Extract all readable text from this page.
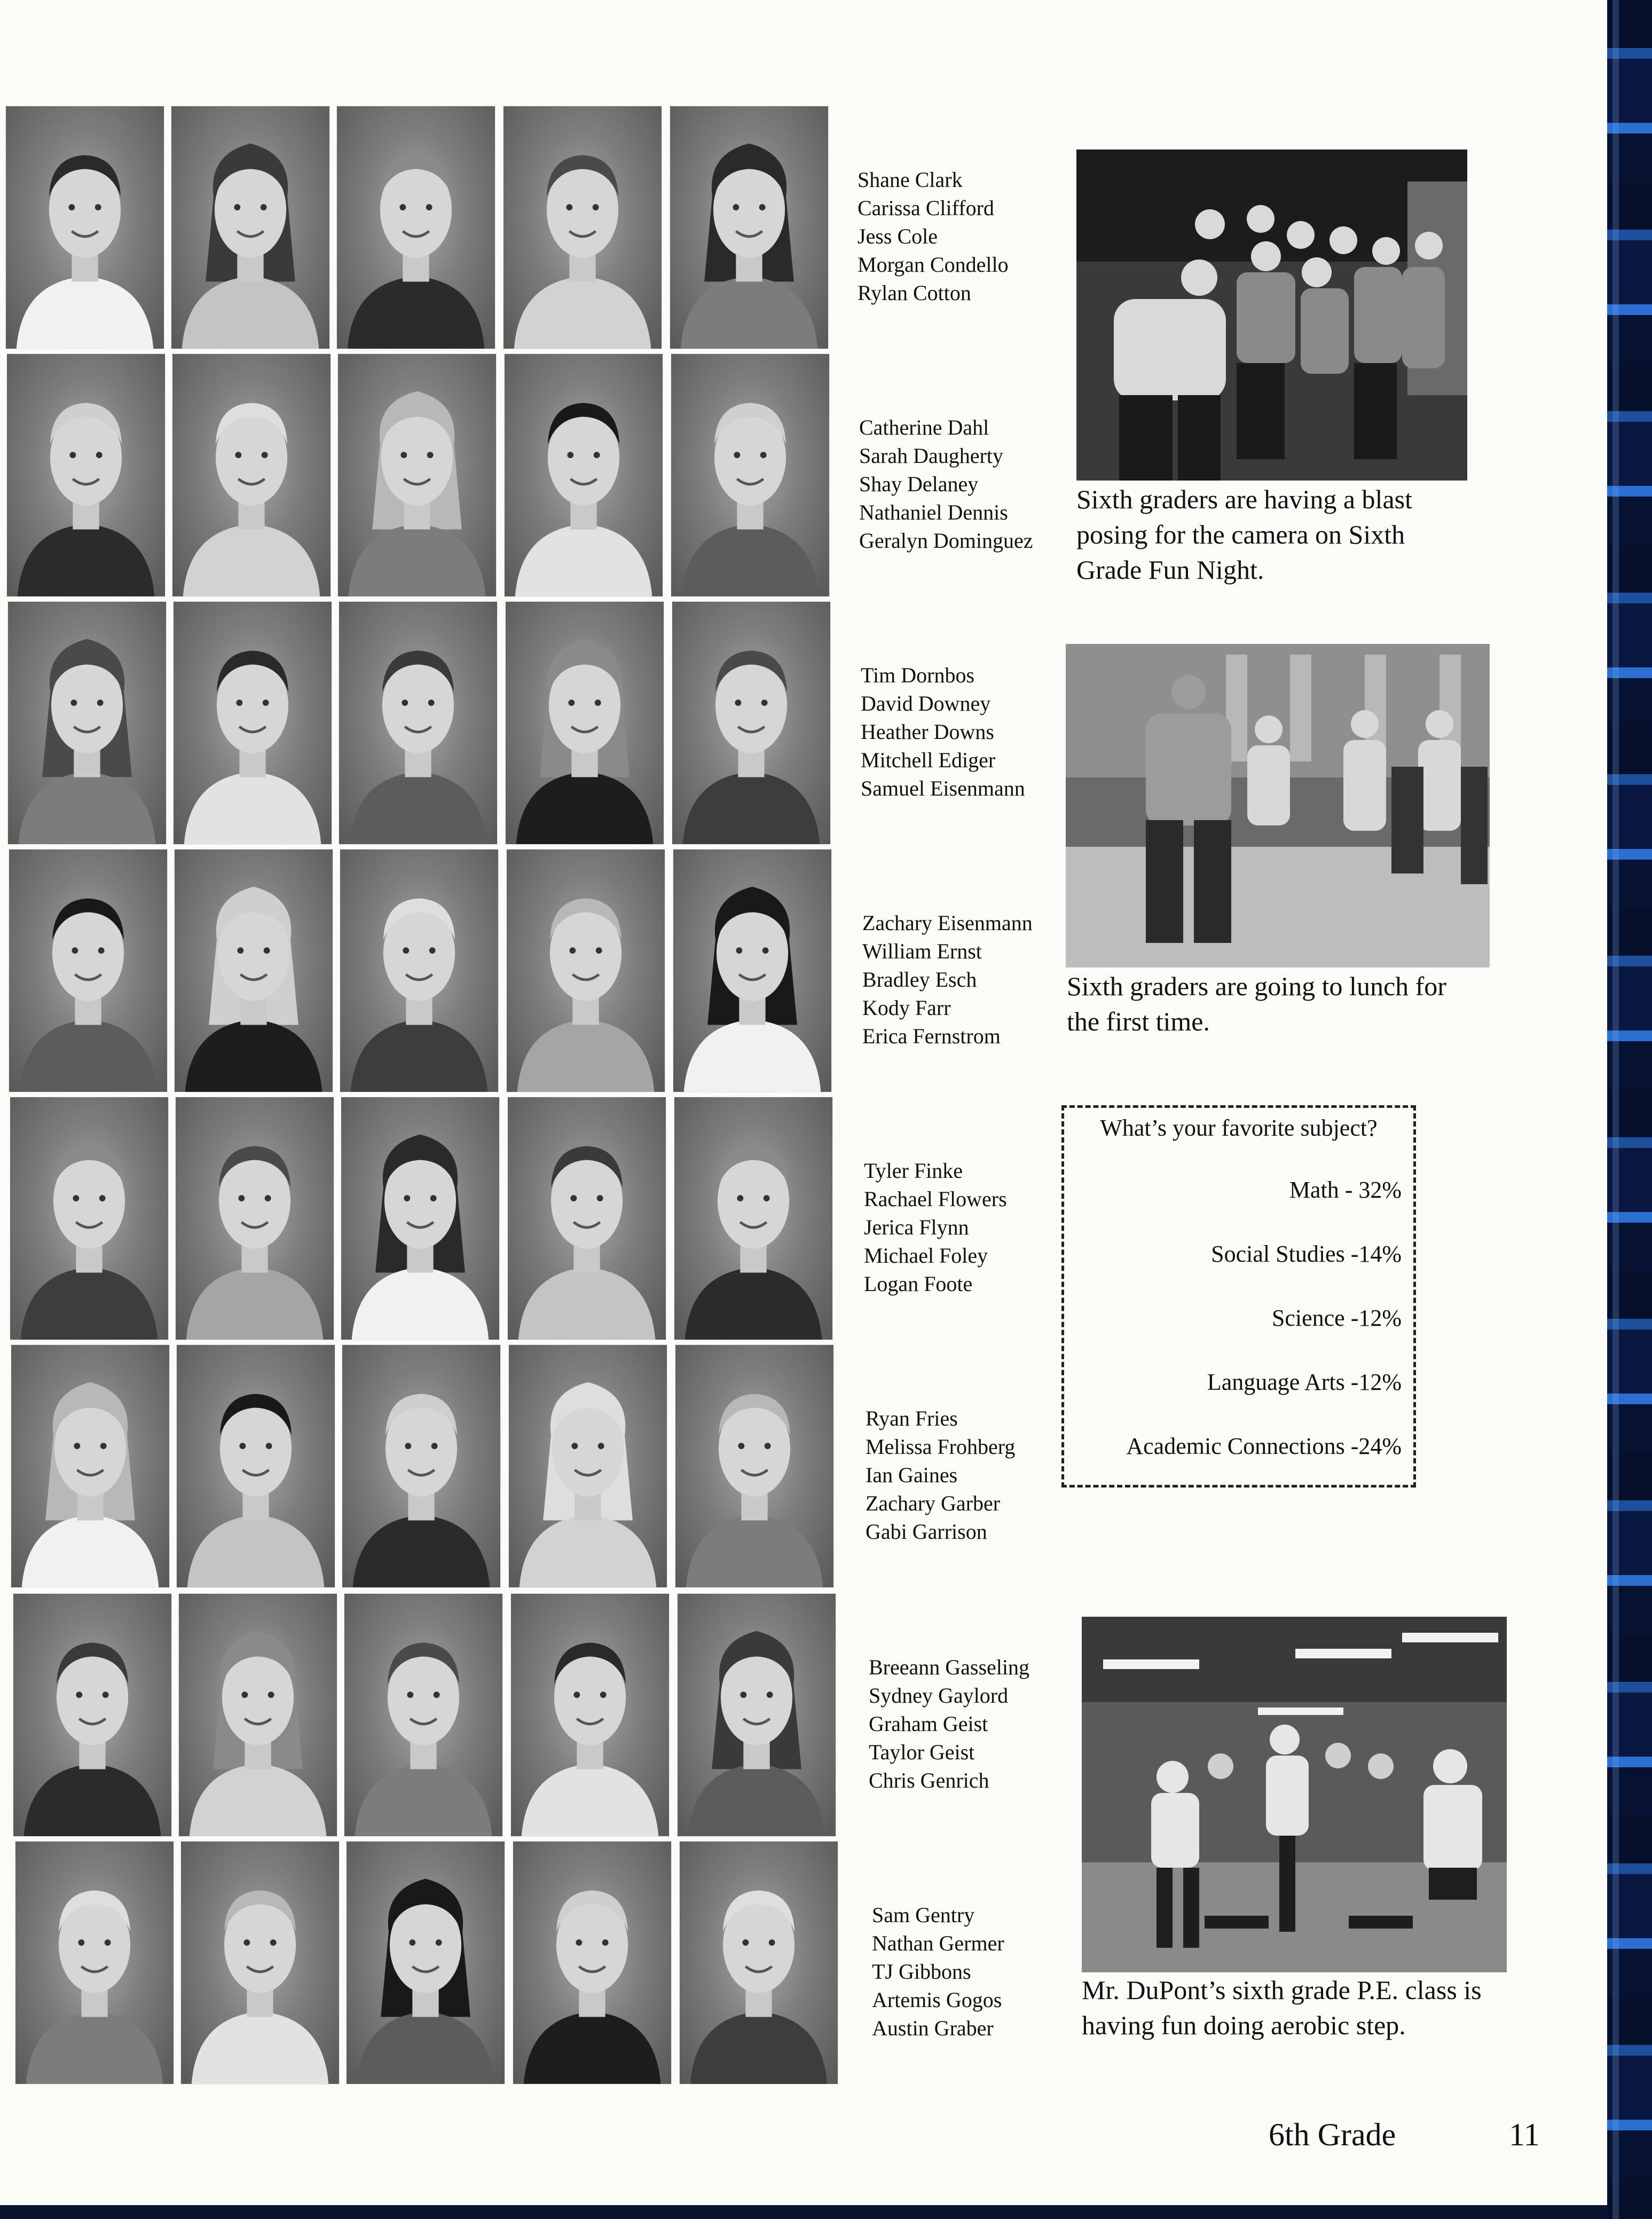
Shane Clark
Carissa Clifford
Jess Cole
Morgan Condello
Rylan Cotton
Catherine Dahl
Sarah Daugherty
Shay Delaney
Nathaniel Dennis
Geralyn Dominguez
Tim Dornbos
David Downey
Heather Downs
Mitchell Ediger
Samuel Eisenmann
Zachary Eisenmann
William Ernst
Bradley Esch
Kody Farr
Erica Fernstrom
Tyler Finke
Rachael Flowers
Jerica Flynn
Michael Foley
Logan Foote
Ryan Fries
Melissa Frohberg
Ian Gaines
Zachary Garber
Gabi Garrison
Breeann Gasseling
Sydney Gaylord
Graham Geist
Taylor Geist
Chris Genrich
Sam Gentry
Nathan Germer
TJ Gibbons
Artemis Gogos
Austin Graber
Sixth graders are having a blast posing for the camera on Sixth Grade Fun Night.
Sixth graders are going to lunch for the first time.
What’s your favorite subject?
Math - 32%
Social Studies -14%
Science -12%
Language Arts -12%
Academic Connections -24%
Mr. DuPont’s sixth grade P.E. class is having fun doing aerobic step.
6th Grade	11
